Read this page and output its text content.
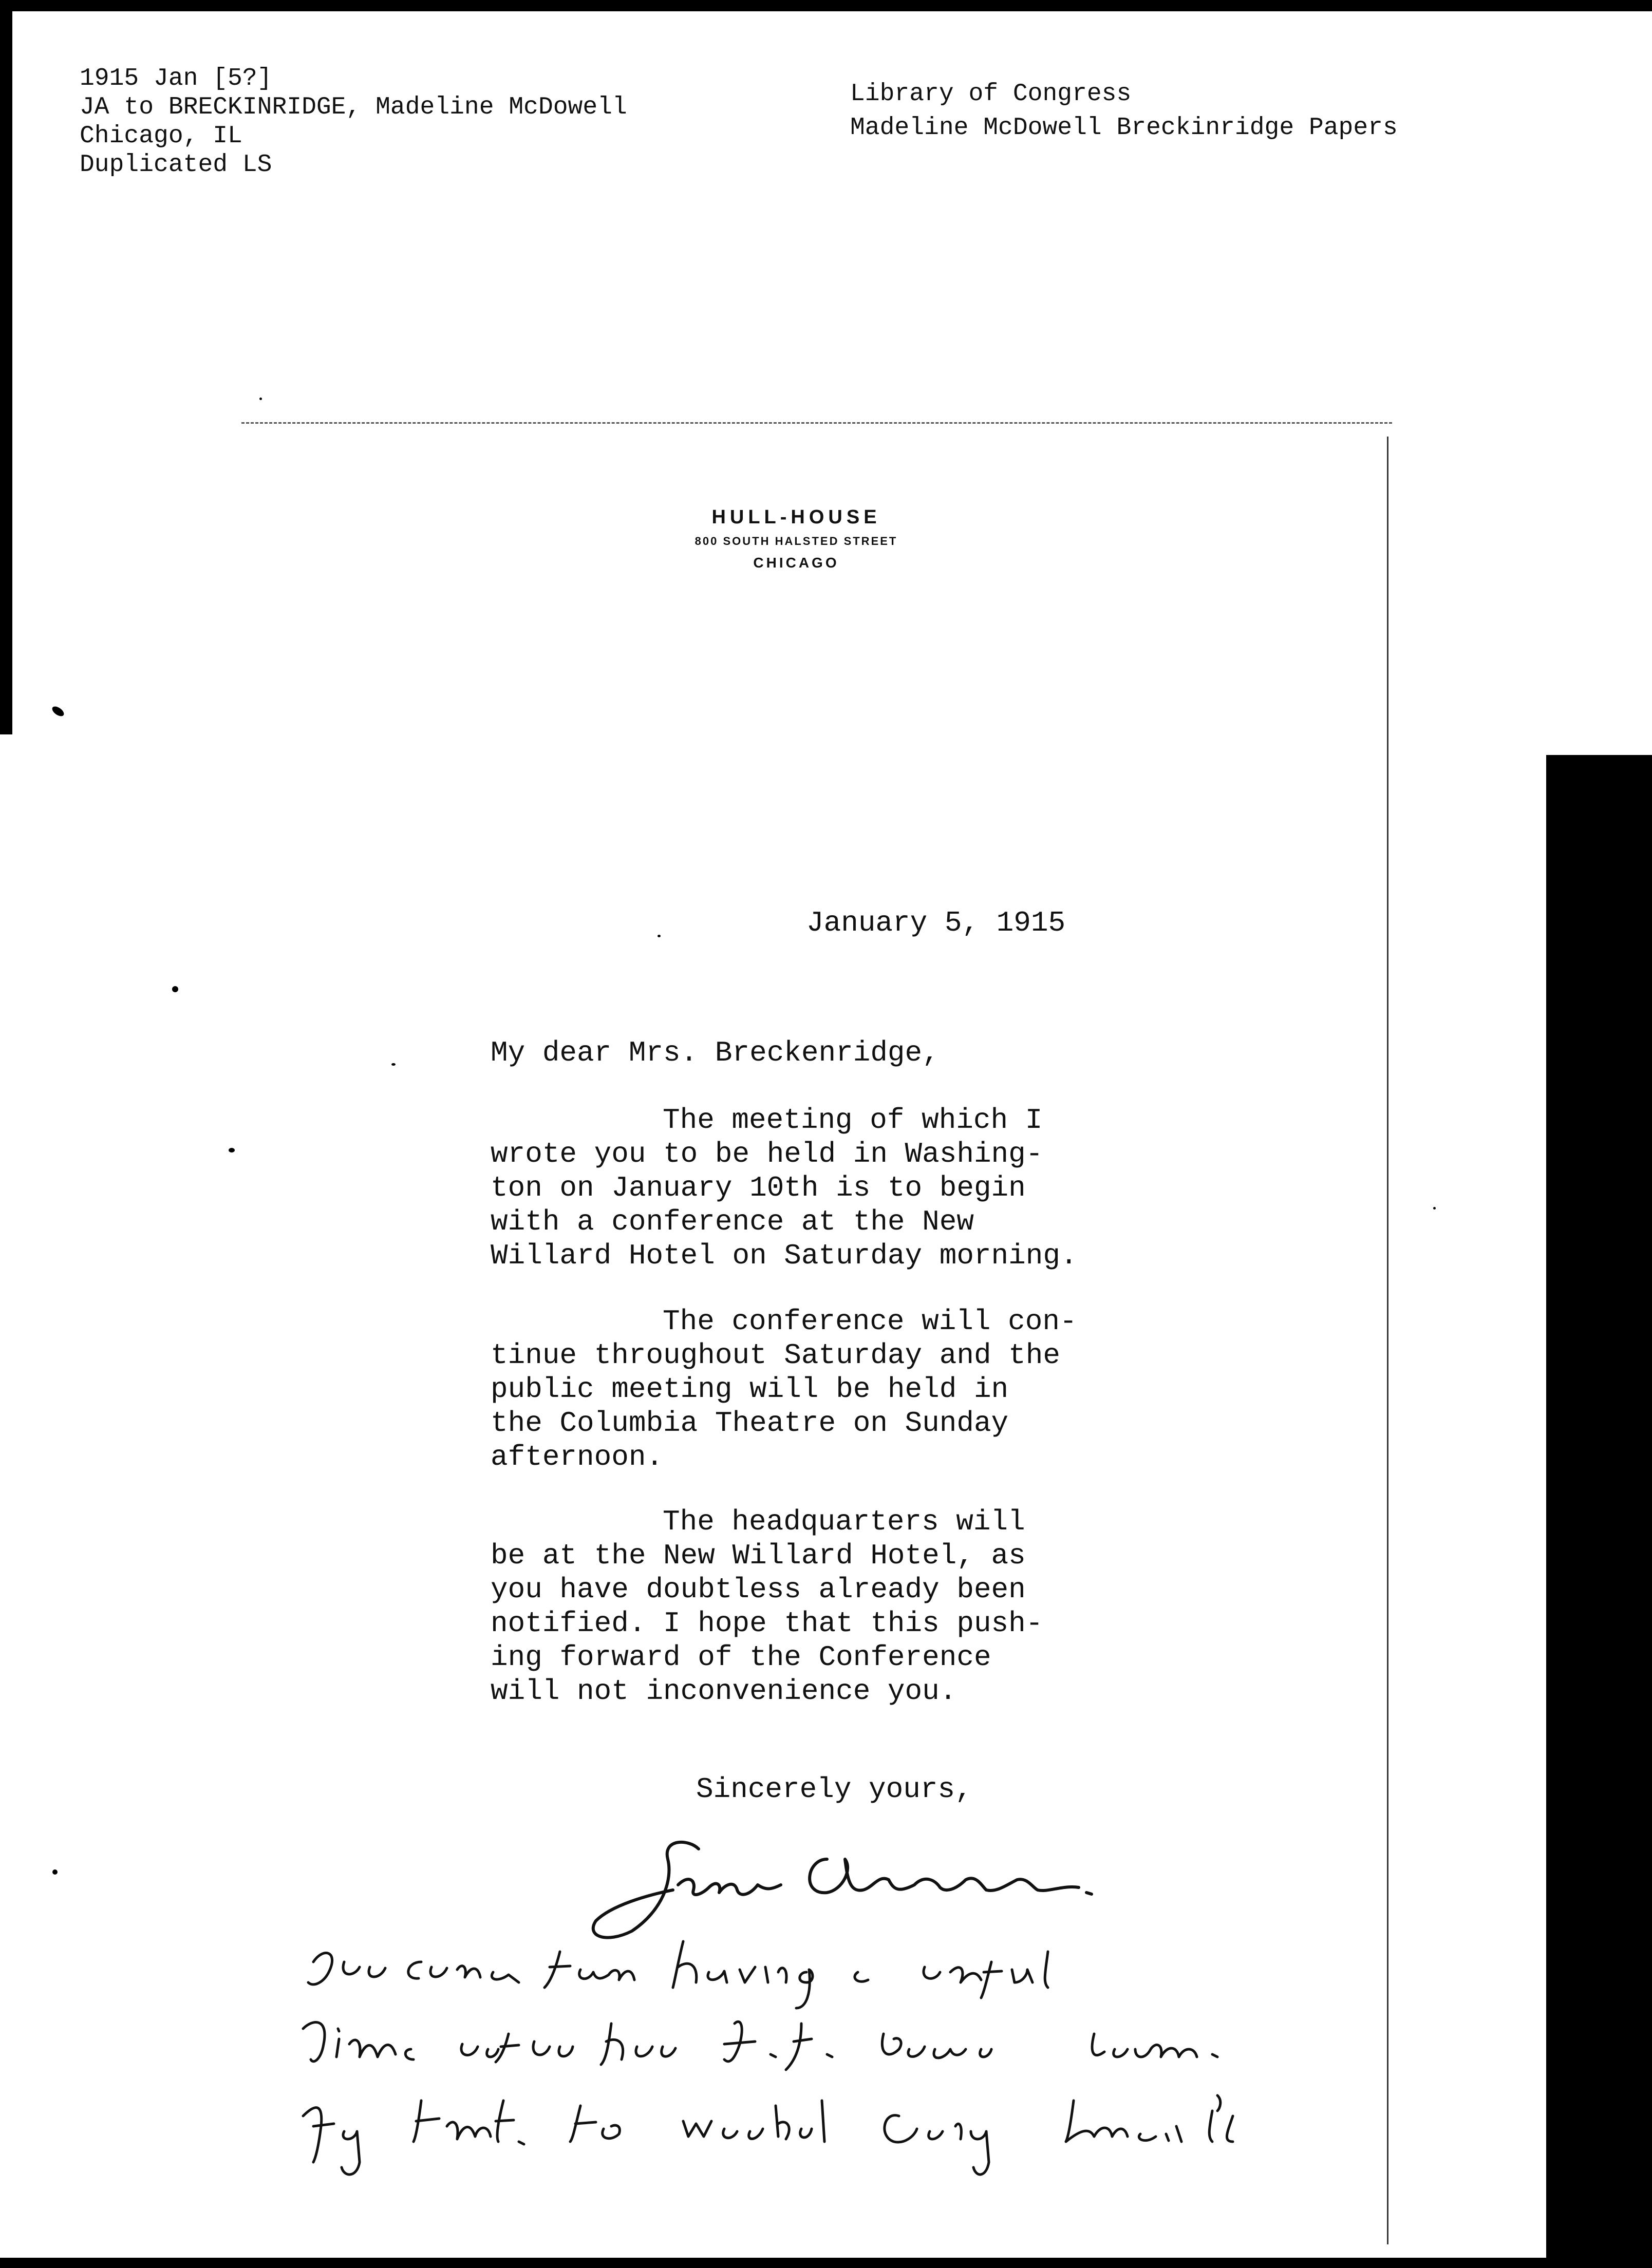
1915 Jan [5?]
JA to BRECKINRIDGE, Madeline McDowell
Chicago, IL
Duplicated LS
Library of Congress
Madeline McDowell Breckinridge Papers
HULL-HOUSE
800 SOUTH HALSTED STREET
CHICAGO
January 5, 1915
My dear Mrs. Breckenridge,
The meeting of which I
wrote you to be held in Washing-
ton on January 10th is to begin
with a conference at the New
Willard Hotel on Saturday morning.
The conference will con-
tinue throughout Saturday and the
public meeting will be held in
the Columbia Theatre on Sunday
afternoon.
The headquarters will
be at the New Willard Hotel, as
you have doubtless already been
notified. I hope that this push-
ing forward of the Conference
will not inconvenience you.
Sincerely yours,
